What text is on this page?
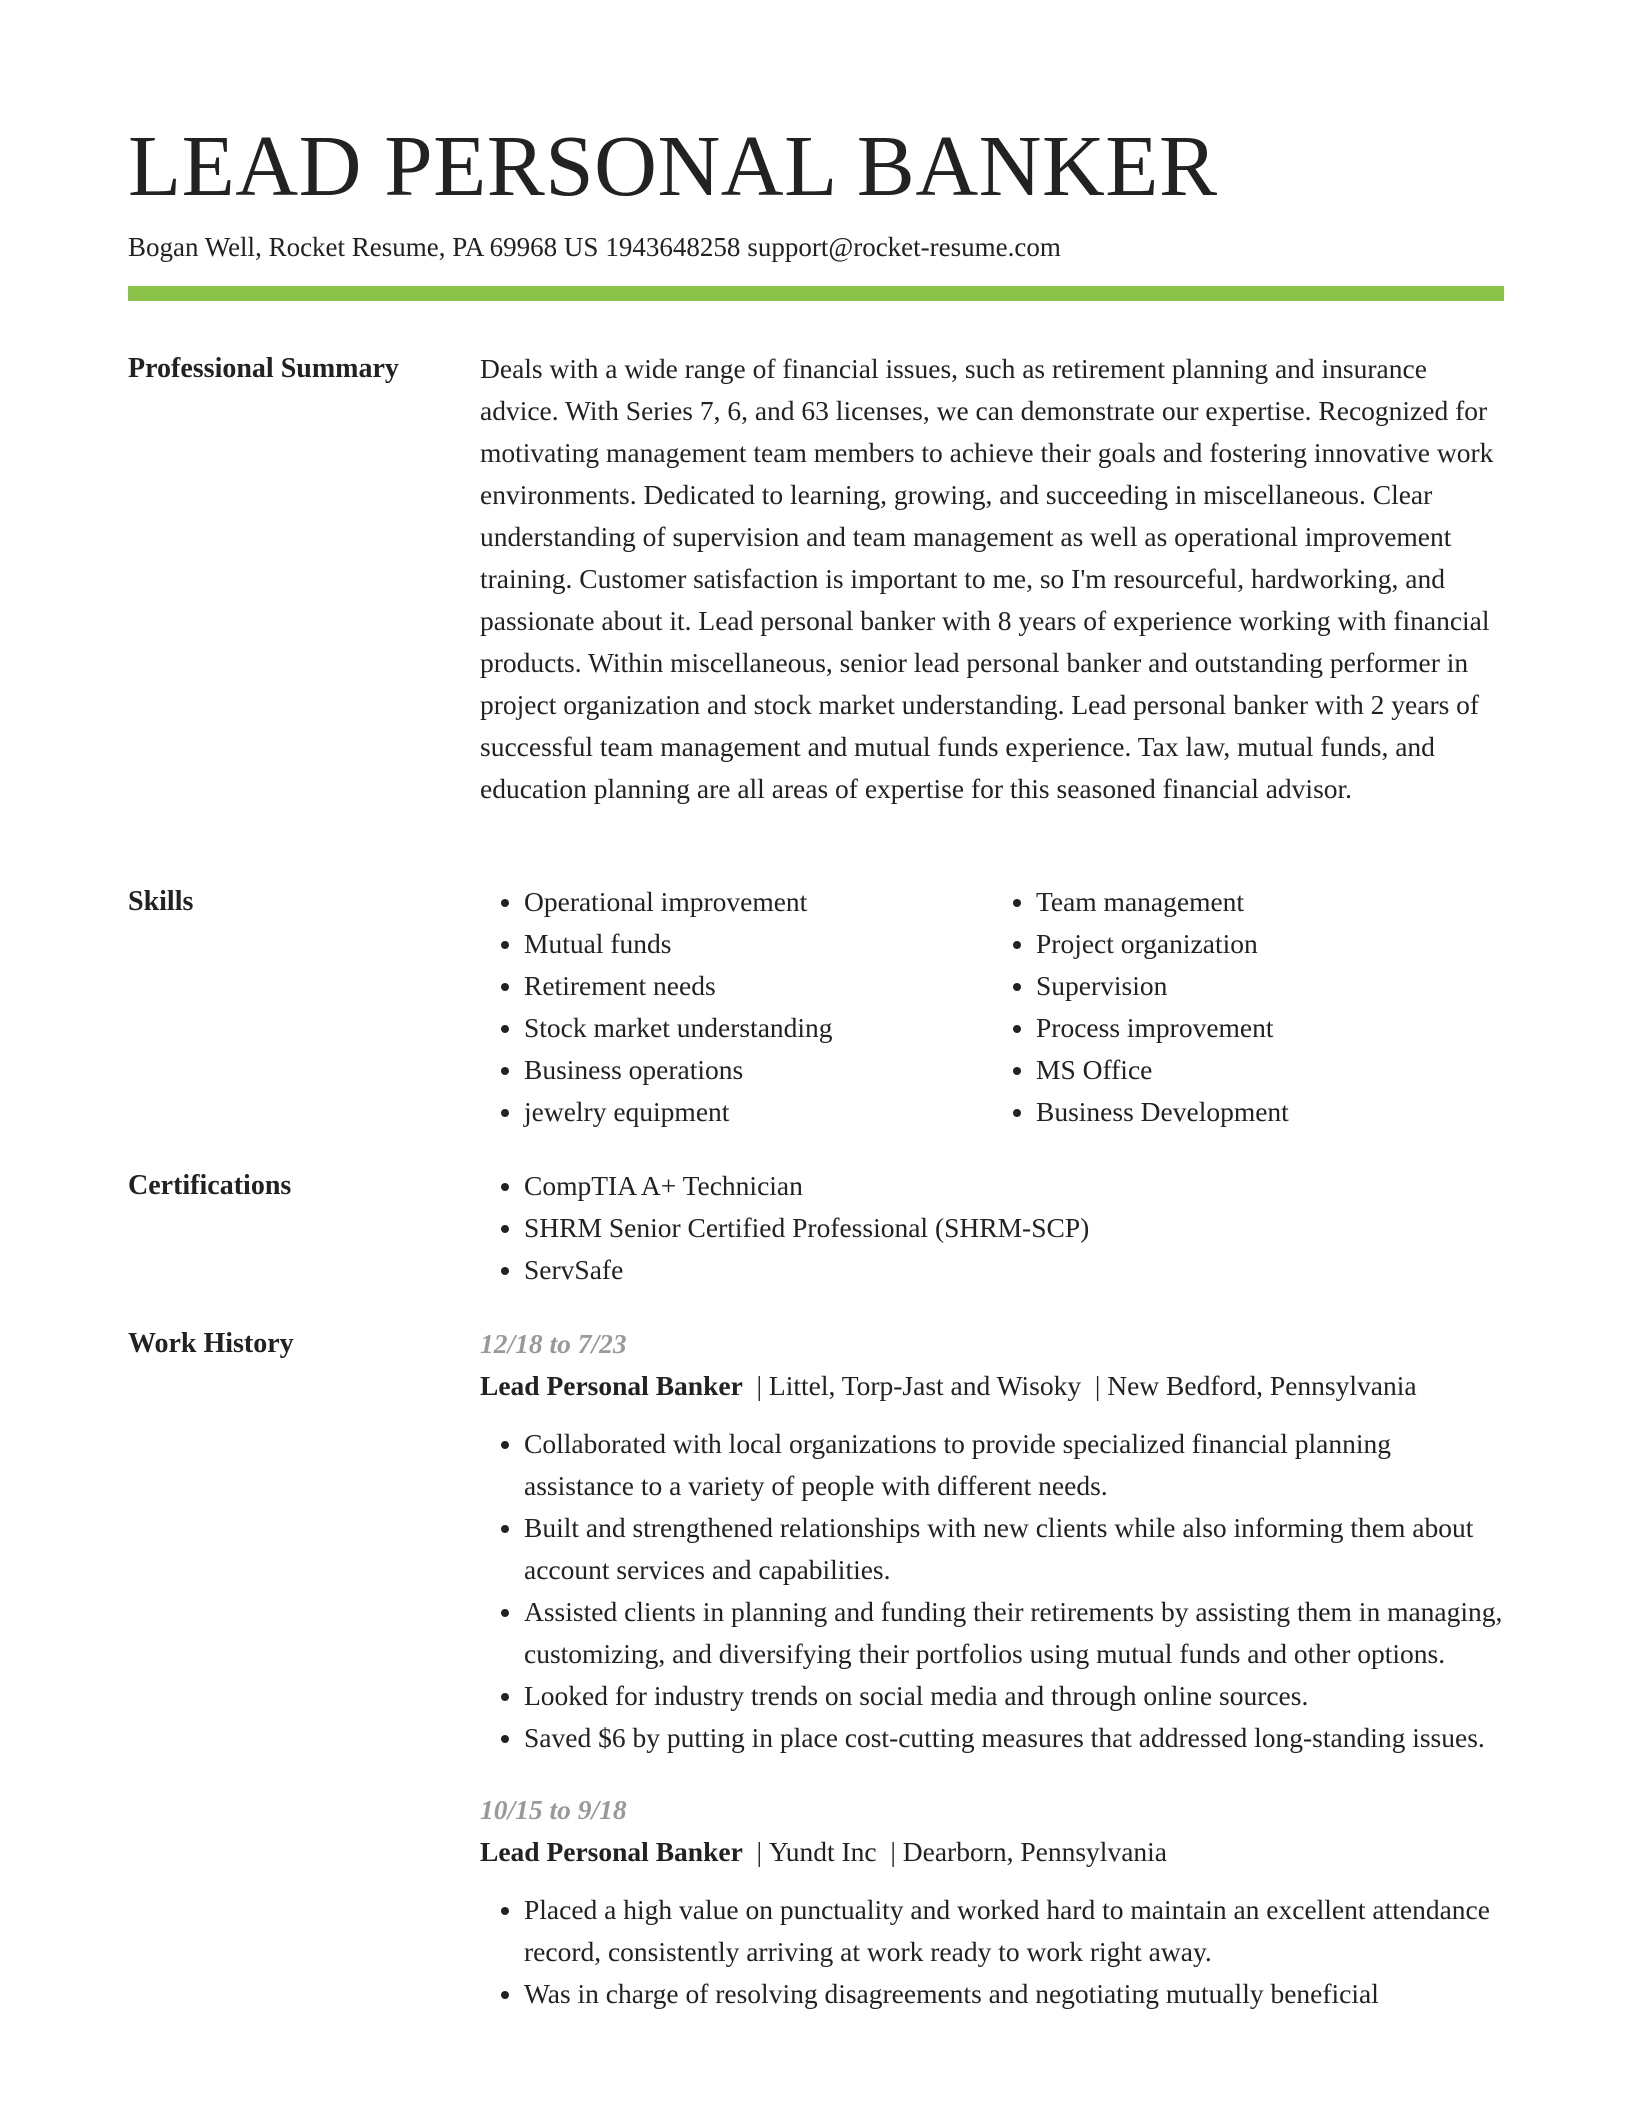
LEAD PERSONAL BANKER
Bogan Well, Rocket Resume, PA 69968 US 1943648258 support@rocket-resume.com
Professional Summary	Deals with a wide range of financial issues, such as retirement planning and insurance advice. With Series 7, 6, and 63 licenses, we can demonstrate our expertise. Recognized for motivating management team members to achieve their goals and fostering innovative work environments. Dedicated to learning, growing, and succeeding in miscellaneous. Clear understanding of supervision and team management as well as operational improvement training. Customer satisfaction is important to me, so I'm resourceful, hardworking, and passionate about it. Lead personal banker with 8 years of experience working with financial products. Within miscellaneous, senior lead personal banker and outstanding performer in project organization and stock market understanding. Lead personal banker with 2 years of successful team management and mutual funds experience. Tax law, mutual funds, and education planning are all areas of expertise for this seasoned financial advisor.

Skills	• Operational improvement
• Mutual funds
• Retirement needs
• Stock market understanding
• Business operations
• jewelry equipment
• Team management
• Project organization
• Supervision
• Process improvement
• MS Office
• Business Development
Certifications	• CompTIA A+ Technician
• SHRM Senior Certified Professional (SHRM-SCP)
• ServSafe
Work History	12/18 to 7/23
Lead Personal Banker  | Littel, Torp-Jast and Wisoky  | New Bedford, Pennsylvania
• Collaborated with local organizations to provide specialized financial planning assistance to a variety of people with different needs.
• Built and strengthened relationships with new clients while also informing them about account services and capabilities.
• Assisted clients in planning and funding their retirements by assisting them in managing, customizing, and diversifying their portfolios using mutual funds and other options.
• Looked for industry trends on social media and through online sources.
• Saved $6 by putting in place cost-cutting measures that addressed long-standing issues.
10/15 to 9/18
Lead Personal Banker  | Yundt Inc  | Dearborn, Pennsylvania
• Placed a high value on punctuality and worked hard to maintain an excellent attendance record, consistently arriving at work ready to work right away.
• Was in charge of resolving disagreements and negotiating mutually beneficial
